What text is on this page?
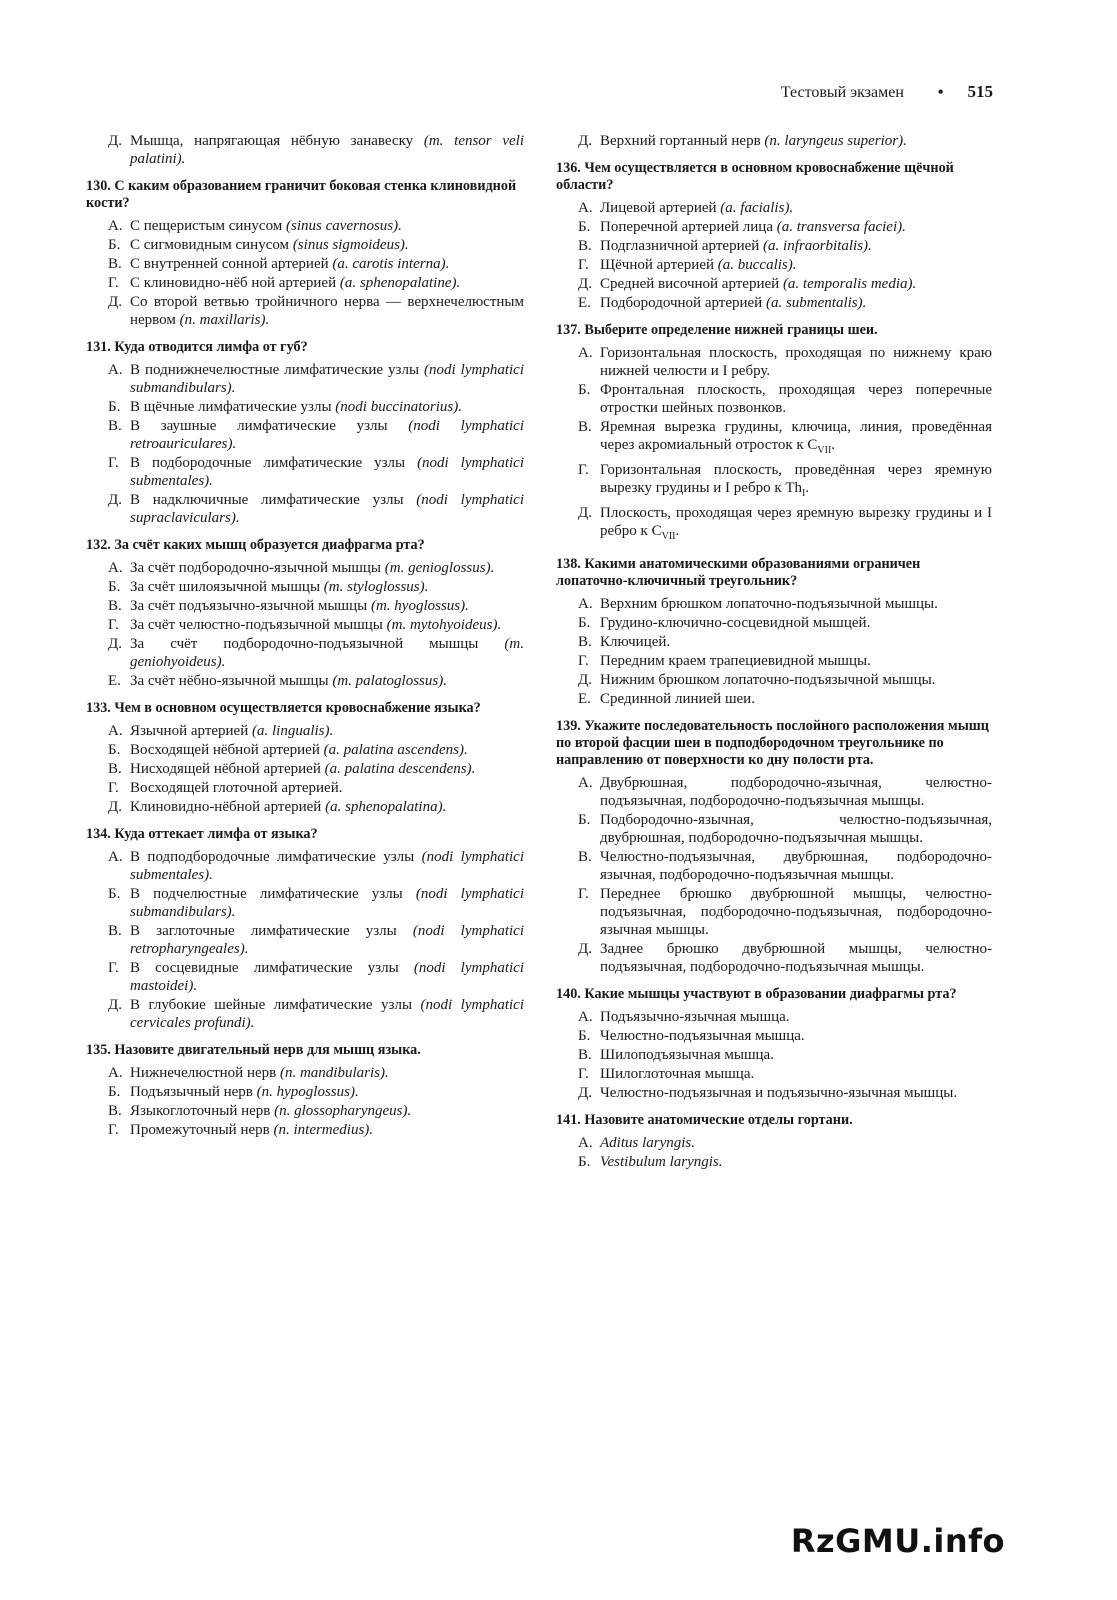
Тестовый экзамен • 515
Д. Мышца, напрягающая нёбную занавеску (m. tensor veli palatini).
130. С каким образованием граничит боковая стенка клиновидной кости?
А. С пещеристым синусом (sinus cavernosus).
Б. С сигмовидным синусом (sinus sigmoideus).
В. С внутренней сонной артерией (a. carotis interna).
Г. С клиновидно-нёб ной артерией (a. sphenopalatine).
Д. Со второй ветвью тройничного нерва — верхнечелюстным нервом (n. maxillaris).
131. Куда отводится лимфа от губ?
А. В поднижнечелюстные лимфатические узлы (nodi lymphatici submandibulars).
Б. В щёчные лимфатические узлы (nodi buccinatorius).
В. В заушные лимфатические узлы (nodi lymphatici retroauriculares).
Г. В подбородочные лимфатические узлы (nodi lymphatici submentales).
Д. В надключичные лимфатические узлы (nodi lymphatici supraclaviculars).
132. За счёт каких мышц образуется диафрагма рта?
А. За счёт подбородочно-язычной мышцы (m. genioglossus).
Б. За счёт шилоязычной мышцы (m. styloglossus).
В. За счёт подъязычно-язычной мышцы (m. hyoglossus).
Г. За счёт челюстно-подъязычной мышцы (m. mytohyoideus).
Д. За счёт подбородочно-подъязычной мышцы (m. geniohyoideus).
Е. За счёт нёбно-язычной мышцы (m. palatoglossus).
133. Чем в основном осуществляется кровоснабжение языка?
А. Язычной артерией (a. lingualis).
Б. Восходящей нёбной артерией (a. palatina ascendens).
В. Нисходящей нёбной артерией (a. palatina descendens).
Г. Восходящей глоточной артерией.
Д. Клиновидно-нёбной артерией (a. sphenopalatina).
134. Куда оттекает лимфа от языка?
А. В подподбородочные лимфатические узлы (nodi lymphatici submentales).
Б. В подчелюстные лимфатические узлы (nodi lymphatici submandibulars).
В. В заглоточные лимфатические узлы (nodi lymphatici retropharyngeales).
Г. В сосцевидные лимфатические узлы (nodi lymphatici mastoidei).
Д. В глубокие шейные лимфатические узлы (nodi lymphatici cervicales profundi).
135. Назовите двигательный нерв для мышц языка.
А. Нижнечелюстной нерв (n. mandibularis).
Б. Подъязычный нерв (n. hypoglossus).
В. Языкоглоточный нерв (n. glossopharyngeus).
Г. Промежуточный нерв (n. intermedius).
Д. Верхний гортанный нерв (n. laryngeus superior).
136. Чем осуществляется в основном кровоснабжение щёчной области?
А. Лицевой артерией (a. facialis).
Б. Поперечной артерией лица (a. transversa faciei).
В. Подглазничной артерией (a. infraorbitalis).
Г. Щёчной артерией (a. buccalis).
Д. Средней височной артерией (a. temporalis media).
Е. Подбородочной артерией (a. submentalis).
137. Выберите определение нижней границы шеи.
А. Горизонтальная плоскость, проходящая по нижнему краю нижней челюсти и I ребру.
Б. Фронтальная плоскость, проходящая через поперечные отростки шейных позвонков.
В. Яремная вырезка грудины, ключица, линия, проведённая через акромиальный отросток к $C_{VII}$.
Г. Горизонтальная плоскость, проведённая через яремную вырезку грудины и I ребро к $Th_I$.
Д. Плоскость, проходящая через яремную вырезку грудины и I ребро к $C_{VII}$.
138. Какими анатомическими образованиями ограничен лопаточно-ключичный треугольник?
А. Верхним брюшком лопаточно-подъязычной мышцы.
Б. Грудино-ключично-сосцевидной мышцей.
В. Ключицей.
Г. Передним краем трапециевидной мышцы.
Д. Нижним брюшком лопаточно-подъязычной мышцы.
Е. Срединной линией шеи.
139. Укажите последовательность послойного расположения мышц по второй фасции шеи в подподбородочном треугольнике по направлению от поверхности ко дну полости рта.
А. Двубрюшная, подбородочно-язычная, челюстно-подъязычная, подбородочно-подъязычная мышцы.
Б. Подбородочно-язычная, челюстно-подъязычная, двубрюшная, подбородочно-подъязычная мышцы.
В. Челюстно-подъязычная, двубрюшная, подбородочно-язычная, подбородочно-подъязычная мышцы.
Г. Переднее брюшко двубрюшной мышцы, челюстно-подъязычная, подбородочно-подъязычная, подбородочно-язычная мышцы.
Д. Заднее брюшко двубрюшной мышцы, челюстно-подъязычная, подбородочно-подъязычная мышцы.
140. Какие мышцы участвуют в образовании диафрагмы рта?
А. Подъязычно-язычная мышца.
Б. Челюстно-подъязычная мышца.
В. Шилоподъязычная мышца.
Г. Шилоглоточная мышца.
Д. Челюстно-подъязычная и подъязычно-язычная мышцы.
141. Назовите анатомические отделы гортани.
А. Aditus laryngis.
Б. Vestibulum laryngis.
RzGMU.info
